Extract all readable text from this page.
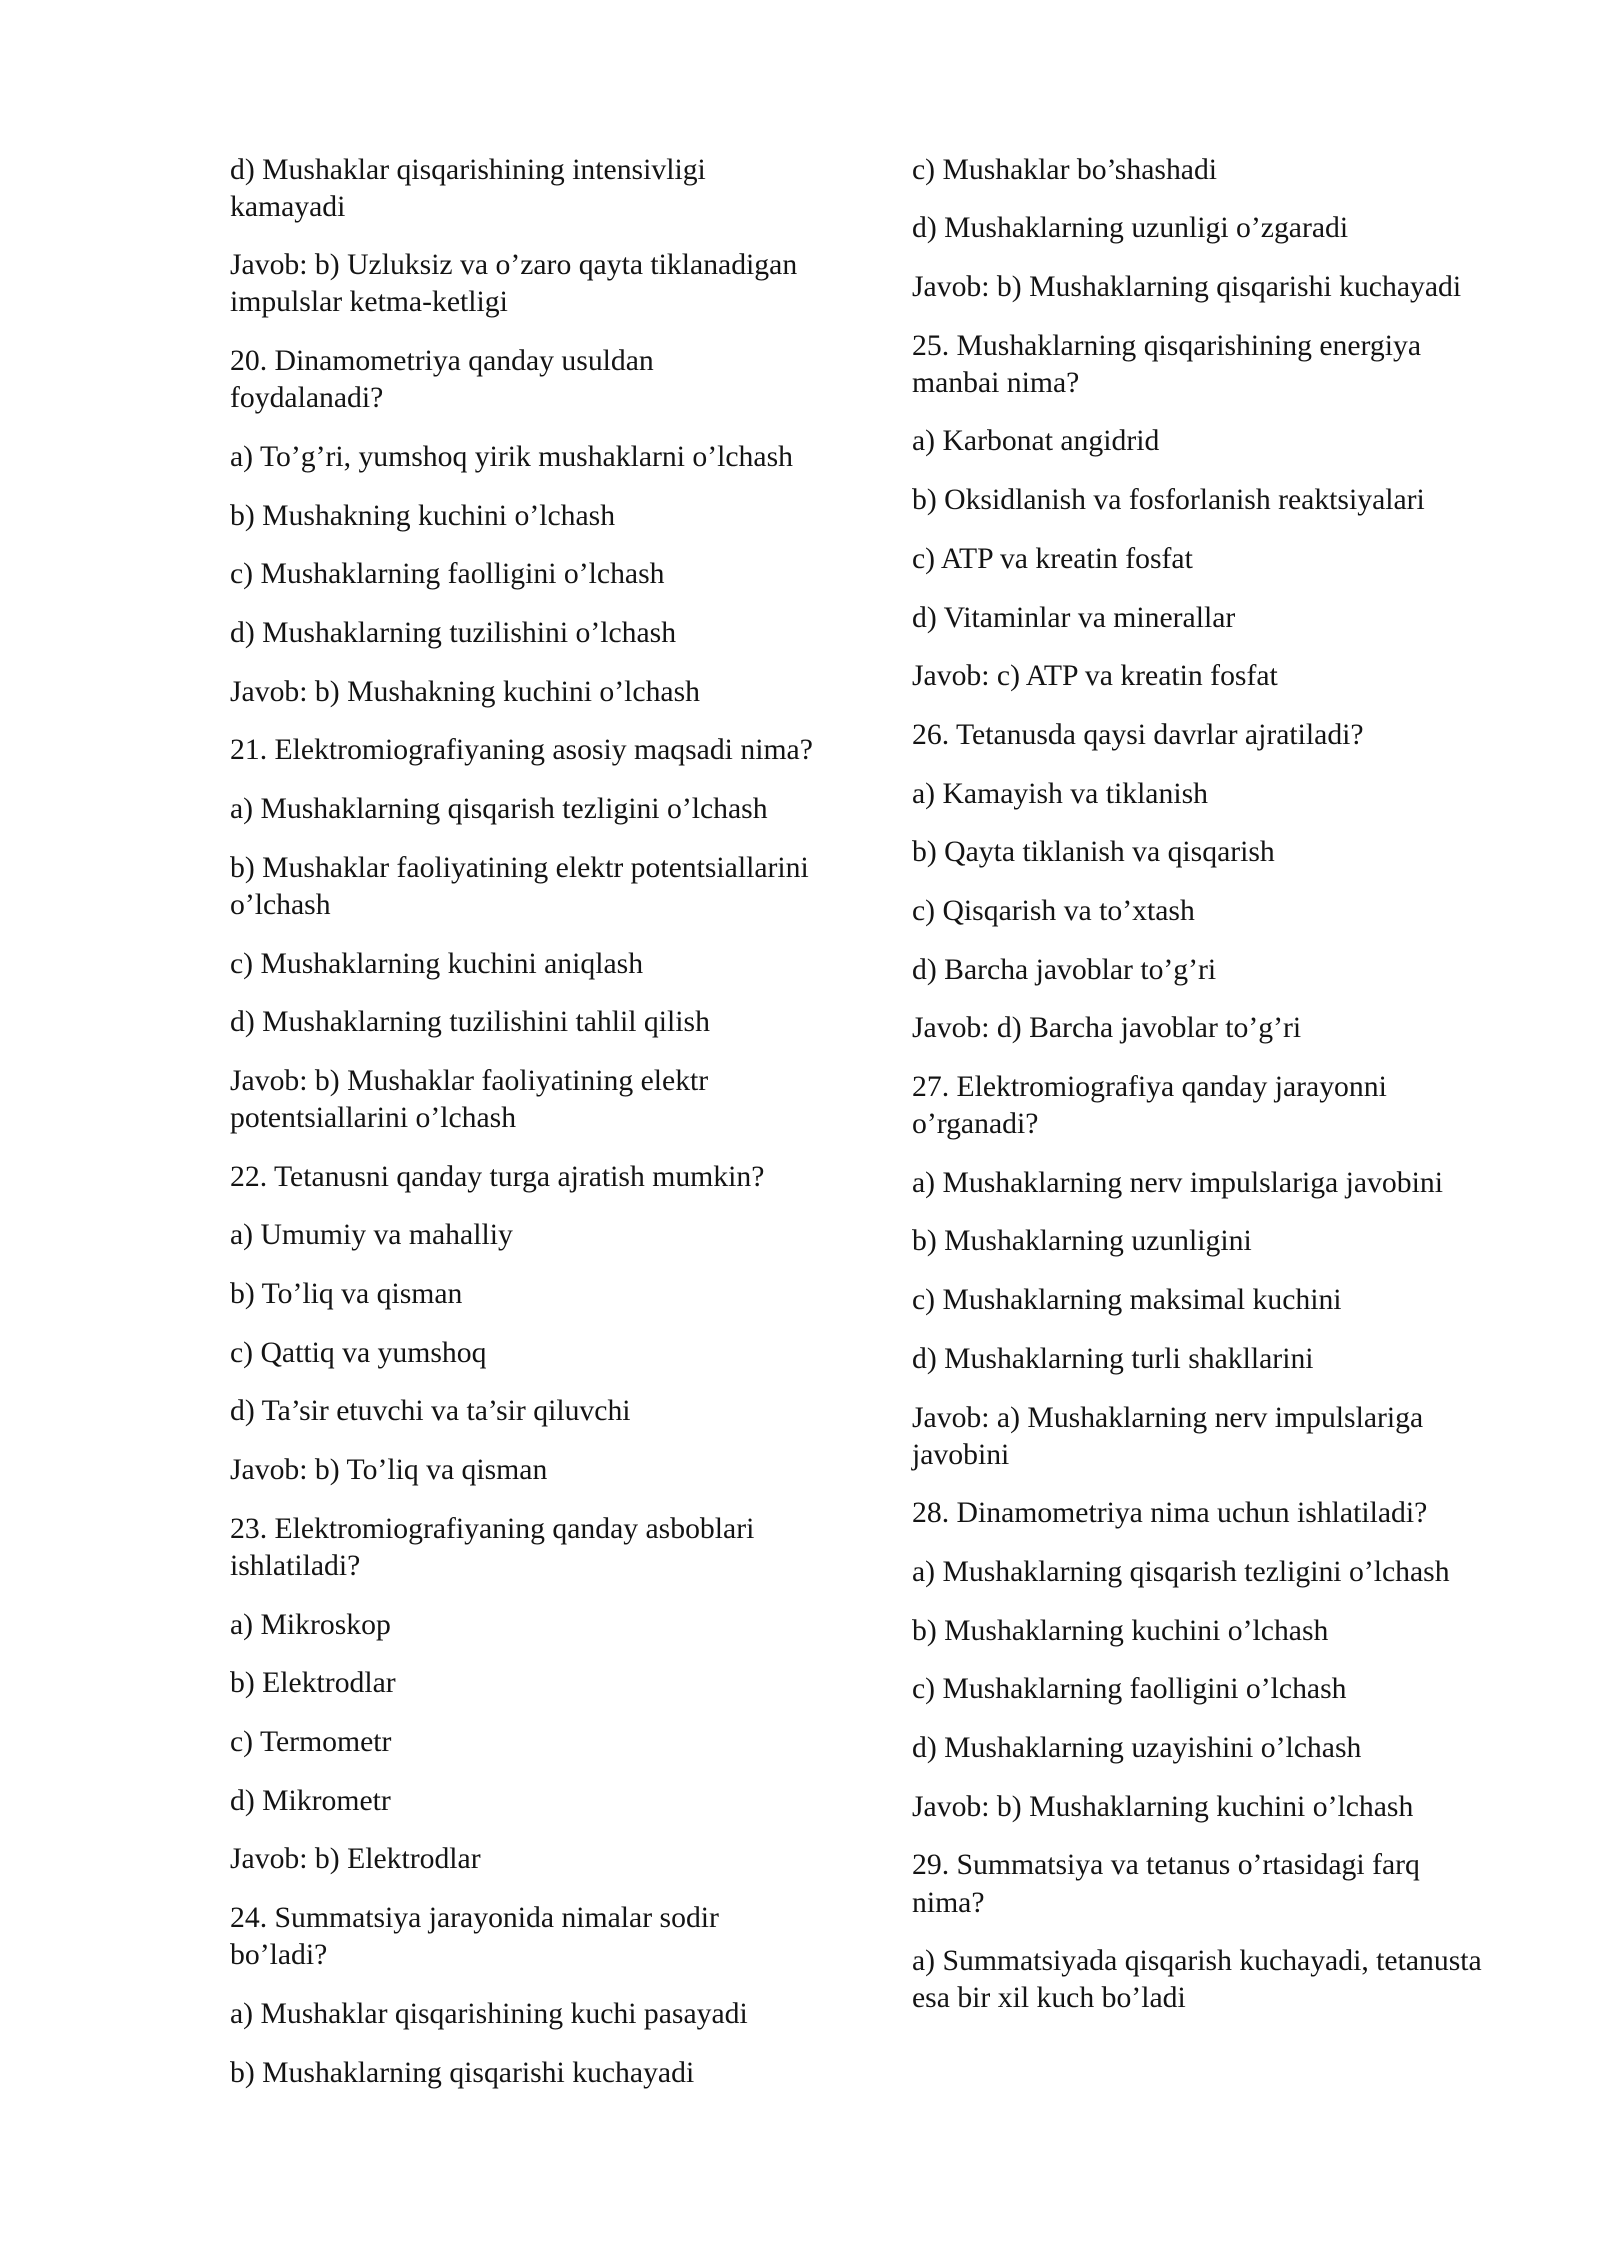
d) Mushaklar qisqarishining intensivligi
kamayadi

Javob: b) Uzluksiz va o’zaro qayta tiklanadigan
impulslar ketma-ketligi

20. Dinamometriya qanday usuldan
foydalanadi?

a) To’g’ri, yumshoq yirik mushaklarni o’lchash

b) Mushakning kuchini o’lchash

c) Mushaklarning faolligini o’lchash

d) Mushaklarning tuzilishini o’lchash

Javob: b) Mushakning kuchini o’lchash

21. Elektromiografiyaning asosiy maqsadi nima?

a) Mushaklarning qisqarish tezligini o’lchash

b) Mushaklar faoliyatining elektr potentsiallarini
o’lchash

c) Mushaklarning kuchini aniqlash

d) Mushaklarning tuzilishini tahlil qilish

Javob: b) Mushaklar faoliyatining elektr
potentsiallarini o’lchash

22. Tetanusni qanday turga ajratish mumkin?

a) Umumiy va mahalliy

b) To’liq va qisman

c) Qattiq va yumshoq

d) Ta’sir etuvchi va ta’sir qiluvchi

Javob: b) To’liq va qisman

23. Elektromiografiyaning qanday asboblari
ishlatiladi?

a) Mikroskop

b) Elektrodlar

c) Termometr

d) Mikrometr

Javob: b) Elektrodlar

24. Summatsiya jarayonida nimalar sodir
bo’ladi?

a) Mushaklar qisqarishining kuchi pasayadi

b) Mushaklarning qisqarishi kuchayadi

c) Mushaklar bo’shashadi

d) Mushaklarning uzunligi o’zgaradi

Javob: b) Mushaklarning qisqarishi kuchayadi

25. Mushaklarning qisqarishining energiya
manbai nima?

a) Karbonat angidrid

b) Oksidlanish va fosforlanish reaktsiyalari

c) ATP va kreatin fosfat

d) Vitaminlar va minerallar

Javob: c) ATP va kreatin fosfat

26. Tetanusda qaysi davrlar ajratiladi?

a) Kamayish va tiklanish

b) Qayta tiklanish va qisqarish

c) Qisqarish va to’xtash

d) Barcha javoblar to’g’ri

Javob: d) Barcha javoblar to’g’ri

27. Elektromiografiya qanday jarayonni
o’rganadi?

a) Mushaklarning nerv impulslariga javobini

b) Mushaklarning uzunligini

c) Mushaklarning maksimal kuchini

d) Mushaklarning turli shakllarini

Javob: a) Mushaklarning nerv impulslariga
javobini

28. Dinamometriya nima uchun ishlatiladi?

a) Mushaklarning qisqarish tezligini o’lchash

b) Mushaklarning kuchini o’lchash

c) Mushaklarning faolligini o’lchash

d) Mushaklarning uzayishini o’lchash

Javob: b) Mushaklarning kuchini o’lchash

29. Summatsiya va tetanus o’rtasidagi farq
nima?

a) Summatsiyada qisqarish kuchayadi, tetanusta
esa bir xil kuch bo’ladi
